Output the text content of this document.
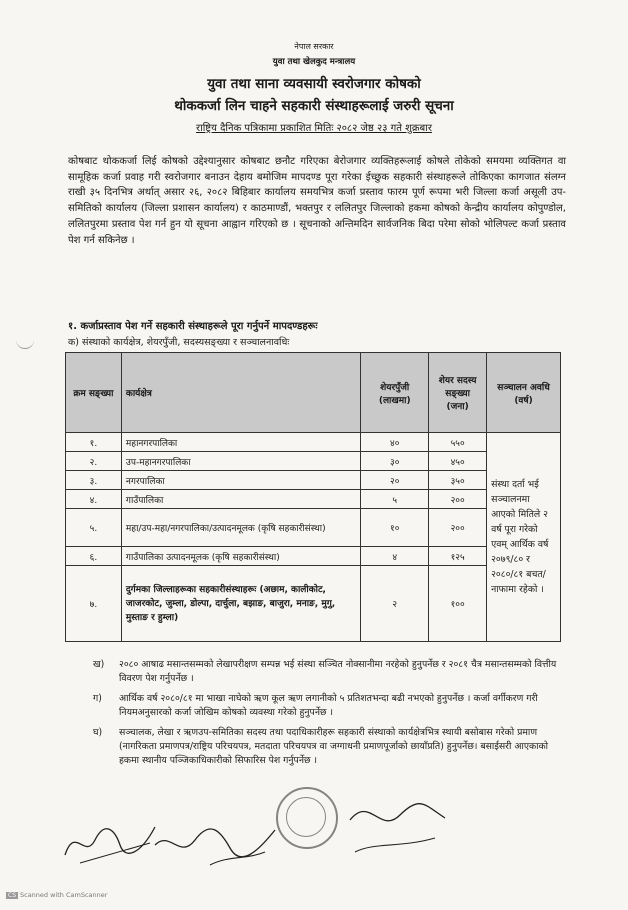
नेपाल सरकार
युवा तथा खेलकुद मन्त्रालय
युवा तथा साना व्यवसायी स्वरोजगार कोषको
थोककर्जा लिन चाहने सहकारी संस्थाहरूलाई जरुरी सूचना
राष्ट्रिय दैनिक पत्रिकामा प्रकाशित मितिः २०८२ जेष्ठ २३ गते शुक्रबार
कोषबाट थोककर्जा लिई कोषको उद्देश्यानुसार कोषबाट छनौट गरिएका बेरोजगार व्यक्तिहरूलाई कोषले तोकेको समयमा व्यक्तिगत वा सामूहिक कर्जा प्रवाह गरी स्वरोजगार बनाउन देहाय बमोजिम मापदण्ड पूरा गरेका ईच्छुक सहकारी संस्थाहरूले तोकिएका कागजात संलग्न राखी ३५ दिनभित्र अर्थात् असार २६, २०८२ बिहिबार कार्यालय समयभित्र कर्जा प्रस्ताव फारम पूर्ण रूपमा भरी जिल्ला कर्जा असूली उप-समितिको कार्यालय (जिल्ला प्रशासन कार्यालय) र काठमाण्डौं, भक्तपुर र ललितपुर जिल्लाको हकमा कोषको केन्द्रीय कार्यालय कोपुण्डोल, ललितपुरमा प्रस्ताव पेश गर्न हुन यो सूचना आह्वान गरिएको छ । सूचनाको अन्तिमदिन सार्वजनिक बिदा परेमा सोको भोलिपल्ट कर्जा प्रस्ताव पेश गर्न सकिनेछ ।
१. कर्जाप्रस्ताव पेश गर्ने सहकारी संस्थाहरूले पूरा गर्नुपर्ने मापदण्डहरूः
क) संस्थाको कार्यक्षेत्र, शेयरपुँजी, सदस्यसङ्ख्या र सञ्चालनावधिः
क्रम सङ्ख्या	कार्यक्षेत्र	शेयरपुँजी (लाखमा)	शेयर सदस्य सङ्ख्या (जना)	सञ्चालन अवधि (वर्ष)
१.	महानगरपालिका	४०	५५०	संस्था दर्ता भई सञ्चालनमा आएको मितिले २ वर्ष पूरा गरेको एवम् आर्थिक वर्ष २०७९/८० र २०८०/८१ बचत/ नाफामा रहेको ।
२.	उप-महानगरपालिका	३०	४५०	
३.	नगरपालिका	२०	३५०	
४.	गाउँपालिका	५	२००	
५.	महा/उप-महा/नगरपालिका/उत्पादनमूलक (कृषि सहकारीसंस्था)	१०	२००	
६.	गाउँपालिका उत्पादनमूलक (कृषि सहकारीसंस्था)	४	१२५	
७.	दुर्गमका जिल्लाहरूका सहकारीसंस्थाहरूः (अछाम, कालीकोट, जाजरकोट, जुम्ला, डोल्पा, दार्चुला, बझाङ, बाजुरा, मनाङ, मुगु, मुस्ताङ र हुम्ला)	२	१००	
ख) २०८० आषाढ मसान्तसम्मको लेखापरीक्षण सम्पन्न भई संस्था सञ्चित नोक्सानीमा नरहेको हुनुपर्नेछ र २०८१ चैत्र मसान्तसम्मको वित्तीय विवरण पेश गर्नुपर्नेछ ।
ग) आर्थिक वर्ष २०८०/८१ मा भाखा नाघेको ऋण कूल ऋण लगानीको ५ प्रतिशतभन्दा बढी नभएको हुनुपर्नेछ । कर्जा वर्गीकरण गरी नियमअनुसारको कर्जा जोखिम कोषको व्यवस्था गरेको हुनुपर्नेछ ।
घ) सञ्चालक, लेखा र ऋणउप-समितिका सदस्य तथा पदाधिकारीहरू सहकारी संस्थाको कार्यक्षेत्रभित्र स्थायी बसोबास गरेको प्रमाण (नागरिकता प्रमाणपत्र/राष्ट्रिय परिचयपत्र, मतदाता परिचयपत्र वा जग्गाधनी प्रमाणपूर्जाको छायाँप्रति) हुनुपर्नेछ। बसाईसरी आएकाको हकमा स्थानीय पञ्जिकाधिकारीको सिफारिस पेश गर्नुपर्नेछ ।
CS Scanned with CamScanner
